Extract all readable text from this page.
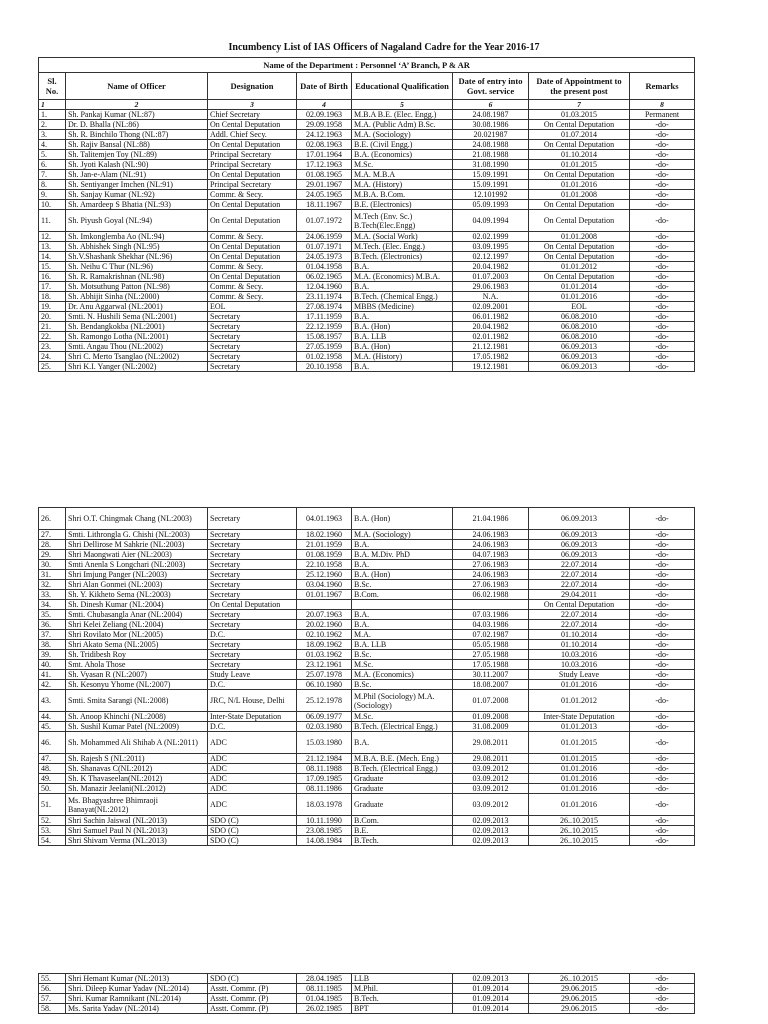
Incumbency List of IAS Officers of Nagaland Cadre for the Year 2016-17
Name of the Department : Personnel ‘A’ Branch, P & AR							
Sl. No.	Name of Officer	Designation	Date of Birth	Educational Qualification	Date of entry into Govt. service	Date of Appointment to the present post	Remarks
1	2	3	4	5	6	7	8
1.	Sh. Pankaj Kumar (NL:87)	Chief Secretary	02.09.1963	M.B.A B.E. (Elec. Engg.)	24.08.1987	01.03.2015	Permanent
2.	Dr. D. Bhalla (NL:86)	On Cental Deputation	29.09.1958	M.A. (Public Adm) B.Sc.	30.08.1986	On Cental Deputation	-do-
3.	Sh. R. Binchilo Thong (NL:87)	Addl. Chief Secy.	24.12.1963	M.A. (Sociology)	20.021987	01.07.2014	-do-
4.	Sh. Rajiv Bansal (NL:88)	On Cental Deputation	02.08.1963	B.E. (Civil Engg.)	24.08.1988	On Cental Deputation	-do-
5.	Sh. Talitemjen Toy (NL:89)	Principal Secretary	17.01.1964	B.A. (Economics)	21.08.1988	01.10.2014	-do-
6.	Sh. Jyoti Kalash (NL:90)	Principal Secretary	17.12.1963	M.Sc.	31.08.1990	01.01.2015	-do-
7.	Sh. Jan-e-Alam (NL:91)	On Cental Deputation	01.08.1965	M.A. M.B.A	15.09.1991	On Cental Deputation	-do-
8.	Sh. Sentiyanger Imchen (NL:91)	Principal Secretary	29.01.1967	M.A. (History)	15.09.1991	01.01.2016	-do-
9.	Sh. Sanjay Kumar (NL:92)	Commr. & Secy.	24.05.1965	M.B.A. B.Com.	12.101992	01.01.2008	-do-
10.	Sh. Amardeep S Bhatia (NL:93)	On Cental Deputation	18.11.1967	B.E. (Electronics)	05.09.1993	On Cental Deputation	-do-
11.	Sh. Piyush Goyal (NL:94)	On Cental Deputation	01.07.1972	M.Tech (Env. Sc.) B.Tech(Elec.Engg)	04.09.1994	On Cental Deputation	-do-
12.	Sh. Imkonglemba Ao (NL:94)	Commr. & Secy.	24.06.1959	M.A. (Social Work)	02.02.1999	01.01.2008	-do-
13.	Sh. Abhishek Singh (NL:95)	On Cental Deputation	01.07.1971	M.Tech. (Elec. Engg.)	03.09.1995	On Cental Deputation	-do-
14.	Sh.V.Shashank Shekhar (NL:96)	On Cental Deputation	24.05.1973	B.Tech. (Electronics)	02.12.1997	On Cental Deputation	-do-
15.	Sh. Neihu C Thur (NL:96)	Commr. & Secy.	01.04.1958	B.A.	20.04.1982	01.01.2012	-do-
16.	Sh. R. Ramakrishnan (NL:98)	On Cental Deputation	06.02.1965	M.A. (Economics) M.B.A.	01.07.2003	On Cental Deputation	-do-
17.	Sh. Motsuthung Patton (NL:98)	Commr. & Secy.	12.04.1960	B.A.	29.06.1983	01.01.2014	-do-
18.	Sh. Abhijit Sinha (NL:2000)	Commr. & Secy.	23.11.1974	B.Tech. (Chemical Engg.)	N.A.	01.01.2016	-do-
19.	Dr. Anu Aggarwal (NL:2001)	EOL	27.08.1974	MBBS (Medicine)	02.09.2001	EOL	-do-
20.	Smti. N. Hushili Sema (NL:2001)	Secretary	17.11.1959	B.A.	06.01.1982	06.08.2010	-do-
21.	Sh. Bendangkokba (NL:2001)	Secretary	22.12.1959	B.A. (Hon)	20.04.1982	06.08.2010	-do-
22.	Sh. Ramongo Lotha (NL:2001)	Secretary	15.08.1957	B.A. LLB	02.01.1982	06.08.2010	-do-
23.	Smti. Angau Thou (NL:2002)	Secretary	27.05.1959	B.A. (Hon)	21.12.1981	06.09.2013	-do-
24.	Shri C. Merto Tsanglao (NL:2002)	Secretary	01.02.1958	M.A. (History)	17.05.1982	06.09.2013	-do-
25.	Shri K.I. Yanger (NL:2002)	Secretary	20.10.1958	B.A.	19.12.1981	06.09.2013	-do-
26.	Shri O.T. Chingmak Chang (NL:2003)	Secretary	04.01.1963	B.A. (Hon)	21.04.1986	06.09.2013	-do-
27.	Smti. Lithrongla G. Chishi (NL:2003)	Secretary	18.02.1960	M.A. (Sociology)	24.06.1983	06.09.2013	-do-
28.	Shri Dellirose M Sahkrie (NL:2003)	Secretary	21.01.1959	B.A.	24.06.1983	06.09.2013	-do-
29.	Shri Maongwati Aier (NL:2003)	Secretary	01.08.1959	B.A. M.Div. PhD	04.07.1983	06.09.2013	-do-
30.	Smti Anenla S Longchari (NL:2003)	Secretary	22.10.1958	B.A.	27.06.1983	22.07.2014	-do-
31.	Shri Imjung Panger (NL:2003)	Secretary	25.12.1960	B.A. (Hon)	24.06.1983	22.07.2014	-do-
32.	Shri Alan Gonmei (NL:2003)	Secretary	03.04.1960	B.Sc.	27.06.1983	22.07.2014	-do-
33.	Sh. Y. Kikheto Sema (NL:2003)	Secretary	01.01.1967	B.Com.	06.02.1988	29.04.2011	-do-
34.	Sh. Dinesh Kumar (NL:2004)	On Cental Deputation				On Cental Deputation	-do-
35.	Smti. Chubasangla Anar (NL:2004)	Secretary	20.07.1963	B.A.	07.03.1986	22.07.2014	-do-
36.	Shri Kelei Zeliang (NL:2004)	Secretary	20.02.1960	B.A.	04.03.1986	22.07.2014	-do-
37.	Shri Rovilato Mor (NL:2005)	D.C.	02.10.1962	M.A.	07.02.1987	01.10.2014	-do-
38.	Shri Akato Sema (NL:2005)	Secretary	18.09.1962	B.A. LLB	05.05.1988	01.10.2014	-do-
39.	Sh. Tridibesh Roy	Secretary	01.03.1962	B.Sc.	27.05.1988	10.03.2016	-do-
40.	Smt. Ahola Those	Secretary	23.12.1961	M.Sc.	17.05.1988	10.03.2016	-do-
41.	Sh. Vyasan R (NL:2007)	Study Leave	25.07.1978	M.A. (Economics)	30.11.2007	Study Leave	-do-
42.	Sh. Kesonyu Yhome (NL:2007)	D.C.	06.10.1980	B.Sc.	18.08.2007	01.01.2016	-do-
43.	Smti. Smita Sarangi (NL:2008)	JRC, N/L House, Delhi	25.12.1978	M.Phil (Sociology) M.A. (Sociology)	01.07.2008	01.01.2012	-do-
44.	Sh. Anoop Khinchi (NL:2008)	Inter-State Deputation	06.09.1977	M.Sc.	01.09.2008	Inter-State Deputation	-do-
45.	Sh. Sushil Kumar Patel (NL:2009)	D.C.	02.03.1980	B.Tech. (Electrical Engg.)	31.08.2009	01.01.2013	-do-
46.	Sh. Mohammed Ali Shihab A (NL:2011)	ADC	15.03.1980	B.A.	29.08.2011	01.01.2015	-do-
47.	Sh. Rajesh S (NL:2011)	ADC	21.12.1984	M.B.A. B.E. (Mech. Eng.)	29.08.2011	01.01.2015	-do-
48.	Sh. Shanavas C(NL:2012)	ADC	08.11.1988	B.Tech. (Electrical Engg.)	03.09.2012	01.01.2016	-do-
49.	Sh. K Thavaseelan(NL:2012)	ADC	17.09.1985	Graduate	03.09.2012	01.01.2016	-do-
50.	Sh. Manazir Jeelani(NL:2012)	ADC	08.11.1986	Graduate	03.09.2012	01.01.2016	-do-
51.	Ms. Bhagyashree Bhimraoji Banayat(NL:2012)	ADC	18.03.1978	Graduate	03.09.2012	01.01.2016	-do-
52.	Shri Sachin Jaiswal (NL:2013)	SDO (C)	10.11.1990	B.Com.	02.09.2013	26..10.2015	-do-
53.	Shri Samuel Paul N (NL:2013)	SDO (C)	23.08.1985	B.E.	02.09.2013	26..10.2015	-do-
54.	Shri Shivam Verma (NL:2013)	SDO (C)	14.08.1984	B.Tech.	02.09.2013	26..10.2015	-do-
55.	Shri Hemant Kumar (NL:2013)	SDO (C)	28.04.1985	LLB	02.09.2013	26..10.2015	-do-
56.	Shri. Dileep Kumar Yadav (NL:2014)	Asstt. Commr. (P)	08.11.1985	M.Phil.	01.09.2014	29.06.2015	-do-
57.	Shri. Kumar Ramnikant (NL:2014)	Asstt. Commr. (P)	01.04.1985	B.Tech.	01.09.2014	29.06.2015	-do-
58.	Ms. Sarita Yadav (NL:2014)	Asstt. Commr. (P)	26.02.1985	BPT	01.09.2014	29.06.2015	-do-
